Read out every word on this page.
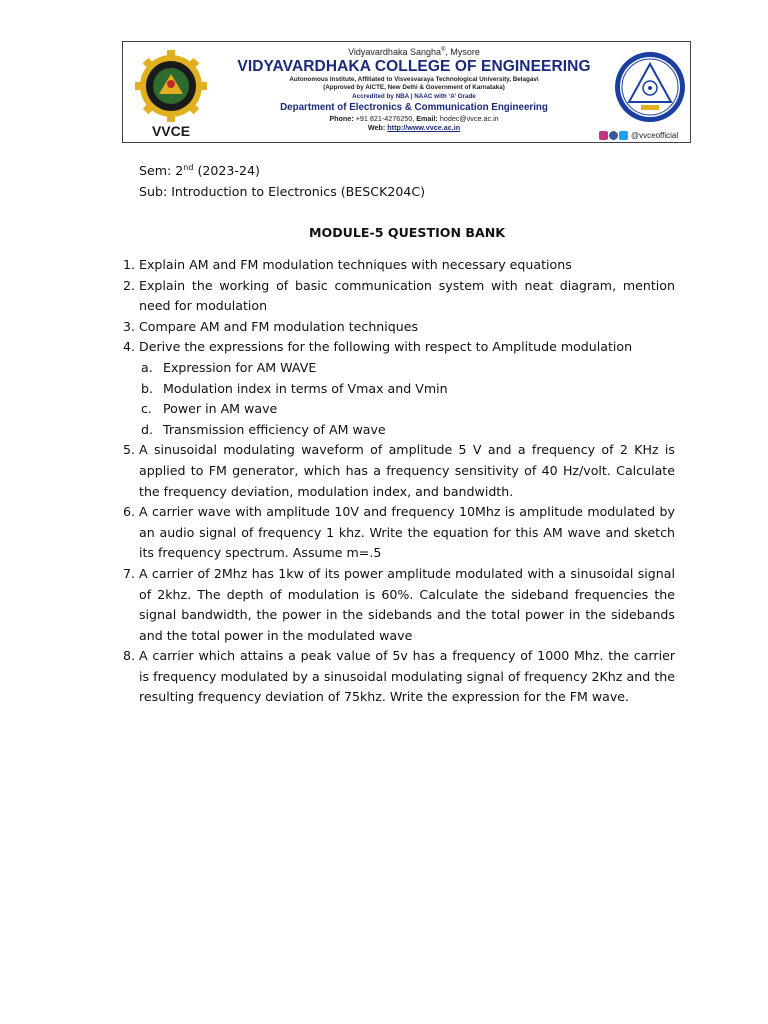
VVCE
Vidyavardhaka Sangha®, Mysore
VIDYAVARDHAKA COLLEGE OF ENGINEERING
Autonomous Institute, Affiliated to Visvesvaraya Technological University, Belagavi
(Approved by AICTE, New Delhi & Government of Karnataka)
Accredited by NBA | NAAC with ‘A’ Grade
Department of Electronics & Communication Engineering
Phone: +91 821-4276250, Email: hodec@vvce.ac.in
Web: http://www.vvce.ac.in
@vvceofficial
Sem: 2nd (2023-24)
Sub: Introduction to Electronics (BESCK204C)
MODULE-5 QUESTION BANK
1. Explain AM and FM modulation techniques with necessary equations
2. Explain the working of basic communication system with neat diagram, mention need for modulation
3. Compare AM and FM modulation techniques
4. Derive the expressions for the following with respect to Amplitude modulation
a. Expression for AM WAVE
b. Modulation index in terms of Vmax and Vmin
c. Power in AM wave
d. Transmission efficiency of AM wave
5. A sinusoidal modulating waveform of amplitude 5 V and a frequency of 2 KHz is applied to FM generator, which has a frequency sensitivity of 40 Hz/volt. Calculate the frequency deviation, modulation index, and bandwidth.
6. A carrier wave with amplitude 10V and frequency 10Mhz is amplitude modulated by an audio signal of frequency 1 khz. Write the equation for this AM wave and sketch its frequency spectrum. Assume m=.5
7. A carrier of 2Mhz has 1kw of its power amplitude modulated with a sinusoidal signal of 2khz. The depth of modulation is 60%. Calculate the sideband frequencies the signal bandwidth, the power in the sidebands and the total power in the sidebands and the total power in the modulated wave
8. A carrier which attains a peak value of 5v has a frequency of 1000 Mhz. the carrier is frequency modulated by a sinusoidal modulating signal of frequency 2Khz and the resulting frequency deviation of 75khz. Write the expression for the FM wave.
